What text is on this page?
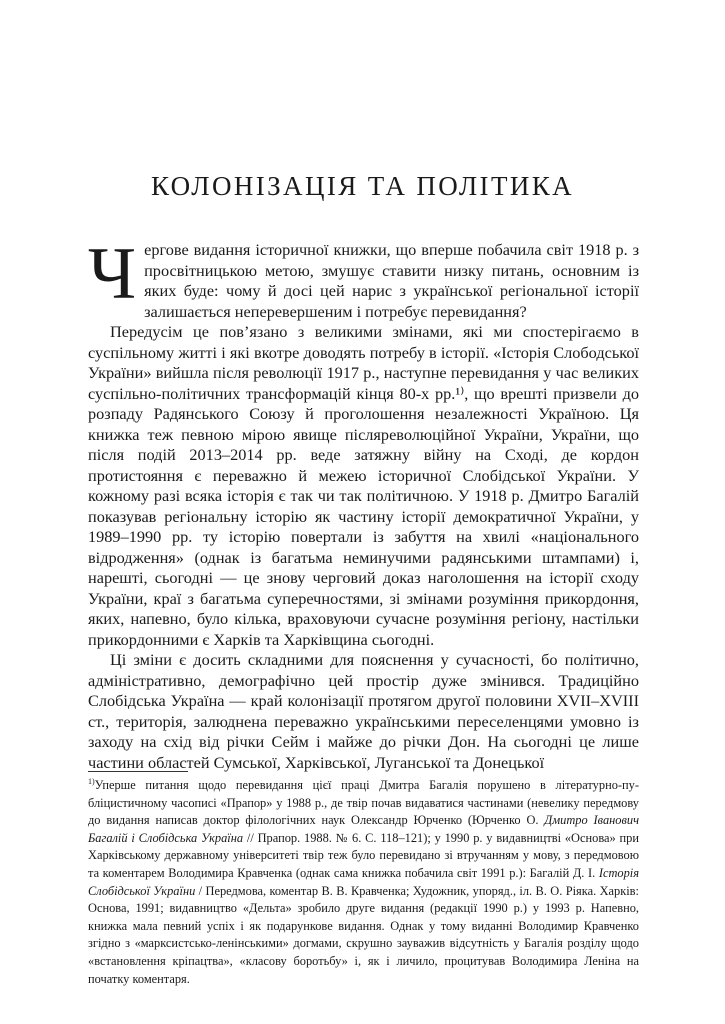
КОЛОНІЗАЦІЯ ТА ПОЛІТИКА

Чергове видання історичної книжки, що вперше побачила світ 1918 р. з просвітницькою метою, змушує ставити низку питань, основним із яких буде: чому й досі цей нарис з української регіональної історії залишається неперевершеним і потребує перевидання?

Передусім це пов’язано з великими змінами, які ми спостерігаємо в суспільному житті і які вкотре доводять потребу в історії. «Історія Слободської України» вийшла після революції 1917 р., наступне перевидання у час великих суспільно-політичних трансформацій кінця 80-х рр.¹⁾, що врешті призвели до розпаду Радянського Союзу й проголошення незалежності Україною. Ця книжка теж певною мірою явище післяреволюційної України, України, що після подій 2013–2014 рр. веде затяжну війну на Сході, де кордон протистояння є переважно й межею історичної Слобідської України. У кожному разі всяка історія є так чи так політичною. У 1918 р. Дмитро Багалій показував регіональну історію як частину історії демократичної України, у 1989–1990 рр. ту історію повертали із забуття на хвилі «національного відродження» (однак із багатьма неминучими радянськими штампами) і, нарешті, сьогодні — це знову черговий доказ наголошення на історії сходу України, краї з багатьма суперечностями, зі змінами розуміння прикордоння, яких, напевно, було кілька, враховуючи сучасне розуміння регіону, настільки прикордонними є Харків та Харківщина сьогодні.

Ці зміни є досить складними для пояснення у сучасності, бо політично, адміністративно, демографічно цей простір дуже змінився. Традиційно Слобідська Україна — край колонізації протягом другої половини XVII–XVIII ст., територія, залюднена переважно українськими переселенцями умовно із заходу на схід від річки Сейм і майже до річки Дон. На сьогодні це лише частини областей Сумської, Харківської, Луганської та Донецької

$^{1)}$Уперше питання щодо перевидання цієї праці Дмитра Багалія порушено в літературно-публіцистичному часописі «Прапор» у 1988 р., де твір почав видаватися частинами (невелику передмову до видання написав доктор філологічних наук Олександр Юрченко (Юрченко О. Дмитро Іванович Багалій і Слобідська Україна // Прапор. 1988. № 6. С. 118–121); у 1990 р. у видавництві «Основа» при Харківському державному університеті твір теж було перевидано зі втручанням у мову, з передмовою та коментарем Володимира Кравченка (однак сама книжка побачила світ 1991 р.): Багалій Д. І. Історія Слобідської України / Передмова, коментар В. В. Кравченка; Художник, упоряд., іл. В. О. Ріяка. Харків: Основа, 1991; видавництво «Дельта» зробило друге видання (редакції 1990 р.) у 1993 р. Напевно, книжка мала певний успіх і як подарункове видання. Однак у тому виданні Володимир Кравченко згідно з «марксистсько-ленінськими» догмами, скрушно зауважив відсутність у Багалія розділу щодо «встановлення кріпацтва», «класову боротьбу» і, як і личило, процитував Володимира Леніна на початку коментаря.
